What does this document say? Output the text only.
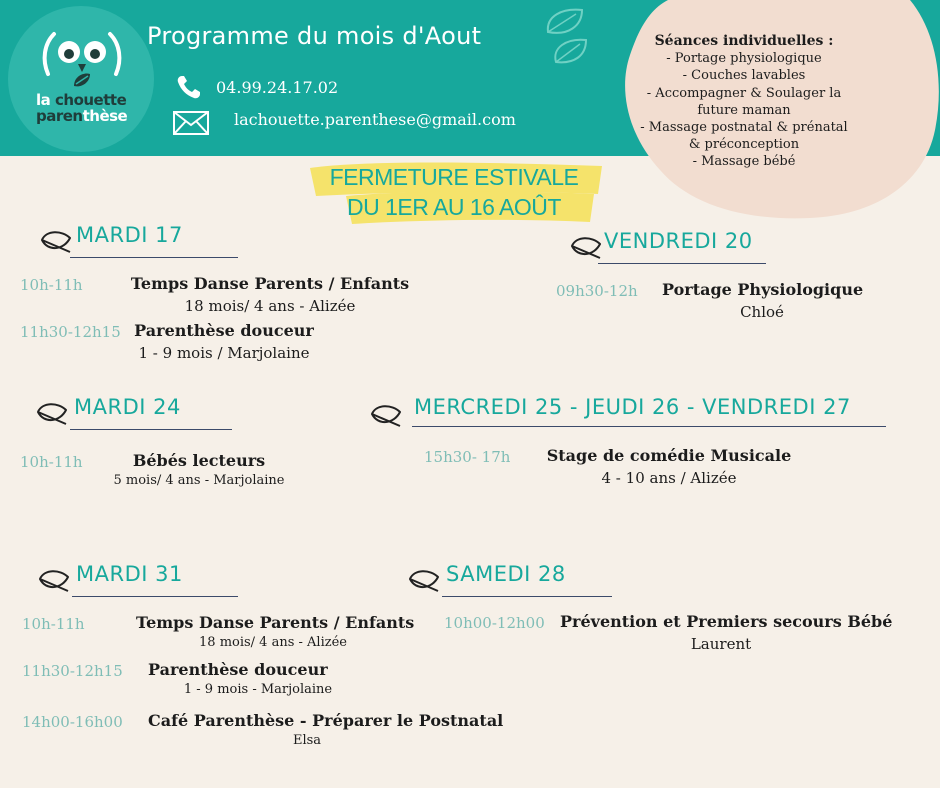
la chouette
parenthèse
Programme du mois d'Aout
04.99.24.17.02
lachouette.parenthese@gmail.com
Séances individuelles :
- Portage physiologique
- Couches lavables
- Accompagner & Soulager la
future maman
- Massage postnatal & prénatal
& préconception
- Massage bébé
FERMETURE ESTIVALE
DU 1ER AU 16 AOÛT
MARDI 17
10h-11h	Temps Danse Parents / Enfants
18 mois/ 4 ans - Alizée
11h30-12h15 Parenthèse douceur
1 - 9 mois / Marjolaine
VENDREDI 20
09h30-12h Portage Physiologique
Chloé
MARDI 24
10h-11h	Bébés lecteurs
5 mois/ 4 ans - Marjolaine
MERCREDI 25 - JEUDI 26 - VENDREDI 27
15h30- 17h Stage de comédie Musicale
4 - 10 ans / Alizée
MARDI 31
10h-11h	Temps Danse Parents / Enfants
18 mois/ 4 ans - Alizée
11h30-12h15	Parenthèse douceur
1 - 9 mois - Marjolaine
14h00-16h00 Café Parenthèse - Préparer le Postnatal
Elsa
SAMEDI 28
10h00-12h00 Prévention et Premiers secours Bébé
Laurent
